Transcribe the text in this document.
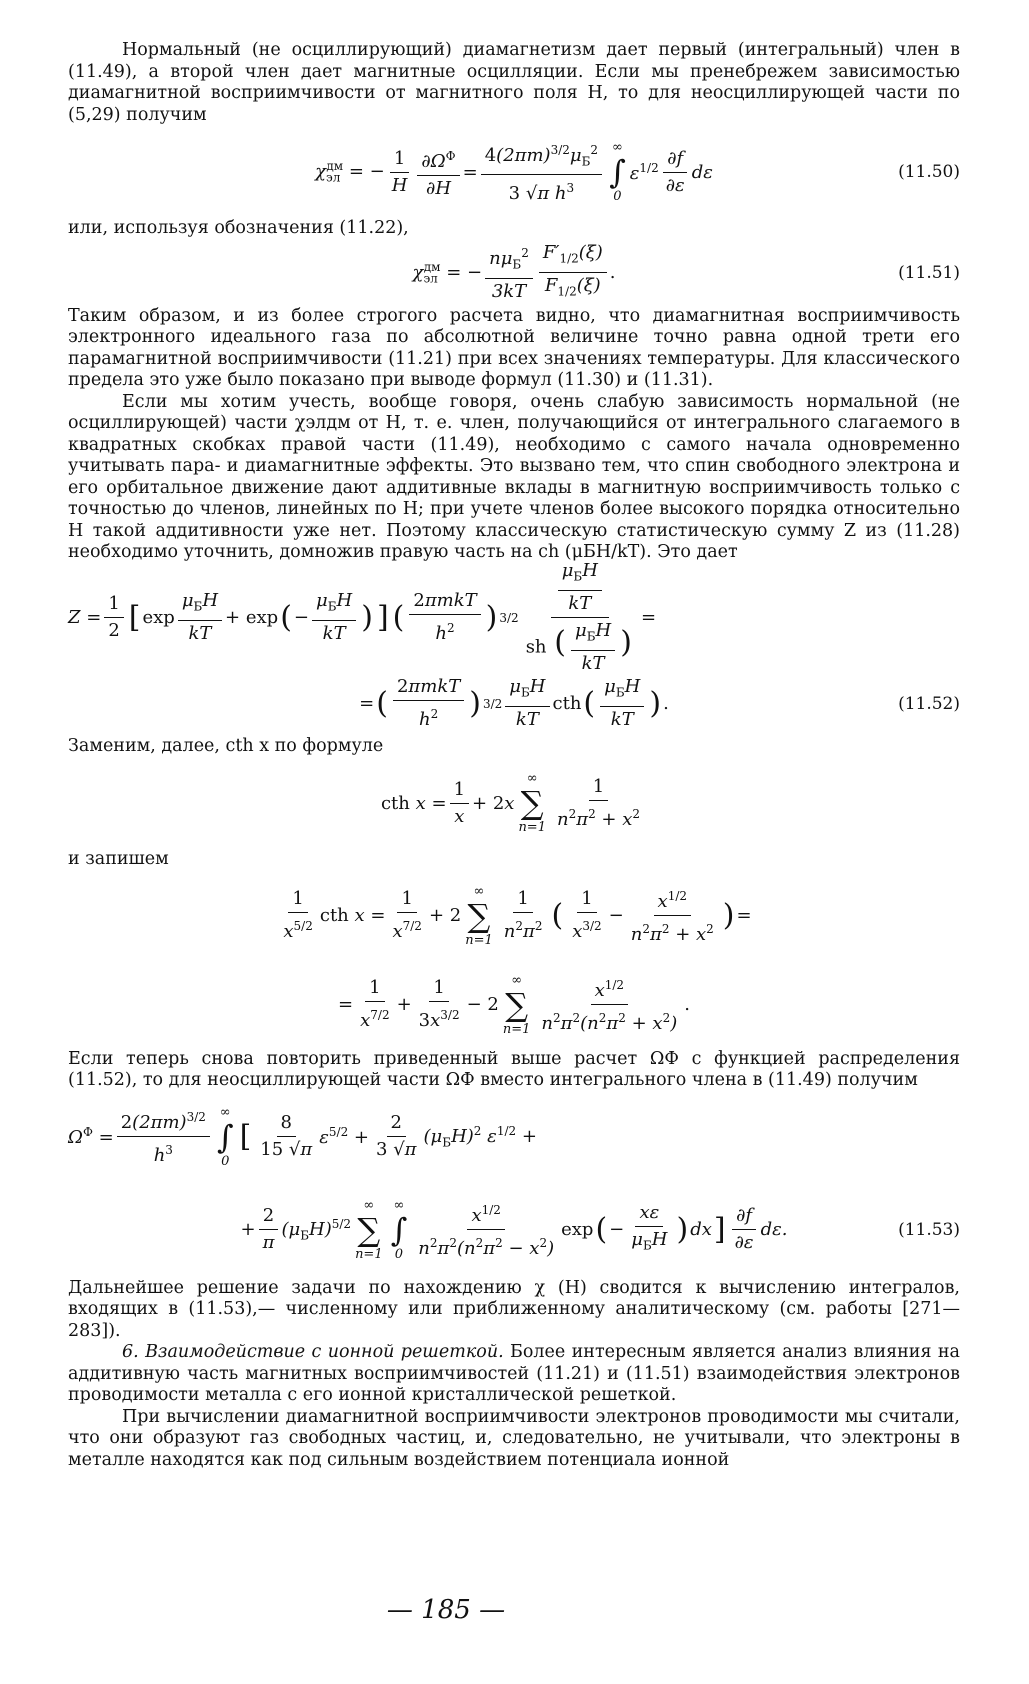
Нормальный (не осциллирующий) диамагнетизм дает первый (интегральный) член в (11.49), а второй член дает магнитные осцилляции. Если мы пренебрежем зависимостью диамагнитной восприимчивости от магнитного поля H, то для неосциллирующей части по (5,29) получим

$\chi_{эл}^{дм}$ = − $\frac{1}{H} \frac{\partial\Omega^Ф}{\partial H} = \frac{4(2\pi m)^{3/2}\mu_Б^2}{3 √\pi h^3}$ ∞
∫
0
$\varepsilon^{1/2} \frac{\partial f}{\partial\varepsilon}$ dε	(11.50)

или, используя обозначения (11.22),

$\chi_{эл}^{дм}$ = − $\frac{n\mu_Б^2}{3kT} \frac{F'_{1/2}(\xi)}{F_{1/2}(\xi)}$ .	(11.51)

Таким образом, и из более строгого расчета видно, что диамагнитная восприимчивость электронного идеального газа по абсолютной величине точно равна одной трети его парамагнитной восприимчивости (11.21) при всех значениях температуры. Для классического предела это уже было показано при выводе формул (11.30) и (11.31).

Если мы хотим учесть, вообще говоря, очень слабую зависимость нормальной (не осциллирующей) части χэлдм от H, т. е. член, получающийся от интегрального слагаемого в квадратных скобках правой части (11.49), необходимо с самого начала одновременно учитывать пара- и диамагнитные эффекты. Это вызвано тем, что спин свободного электрона и его орбитальное движение дают аддитивные вклады в магнитную восприимчивость только с точностью до членов, линейных по H; при учете членов более высокого порядка относительно H такой аддитивности уже нет. Поэтому классическую статистическую сумму Z из (11.28) необходимо уточнить, домножив правую часть на ch (μБH/kT). Это дает

$Z = \frac{1}{2}$ [ $\exp \frac{\mu_БH}{kT} + \exp$ ( − $\frac{\mu_БH}{kT}$ ) ] ( $\frac{\text{2πmkT}}{h^2}$ ) $3/2 \frac{\frac{\mu_БH}{kT}}{sh ( \frac{\mu_БH}{kT} )}$ =
= ( $\frac{\text{2πmkT}}{h^2}$ ) $3/2 \frac{\mu_БH}{kT}$ cth ( $\frac{\mu_БH}{kT}$ ) .	(11.52)

Заменим, далее, cth x по формуле

cth $x = \frac{1}{x} + 2x$
∞
∑
$n=1 \frac{1}{n^2\pi^2 + x^2}$

и запишем

$\frac{1}{x^{5/2}}$ cth $x = \frac{1}{x^{7/2}} + 2$
∞
∑
$n=1 \frac{1}{n^2\pi^2}$ ( $\frac{1}{x^{3/2}} - \frac{x^{1/2}}{n^2\pi^2 + x^2}$ ) =
= $\frac{1}{x^{7/2}} + \frac{1}{3x^{3/2}} - 2$
∞
∑
$n=1 \frac{x^{1/2}}{n^2\pi^2(n^2\pi^2 + x^2)}$ .

Если теперь снова повторить приведенный выше расчет ΩФ с функцией распределения (11.52), то для неосциллирующей части ΩФ вместо интегрального члена в (11.49) получим

$\Omega^Ф = \frac{2(2\pi m)^{3/2}}{h^3}$ ∞
∫
0
[ $\frac{8}{15 √\pi} \varepsilon^{5/2} + \frac{2}{3 √\pi} (\mu_БH)^2$ $\varepsilon^{1/2}$ +
+ $\frac{2}{\pi} (\mu_БH)^{5/2}$
∞
∑
n=1
∞
∫
$0 \frac{x^{1/2}}{n^2\pi^2(n^2\pi^2 - x^2)}$ exp ( − $\frac{x\varepsilon}{\mu_БH}$ ) dx ] $\frac{\partial f}{\partial\varepsilon} d\varepsilon$.	(11.53)

Дальнейшее решение задачи по нахождению χ (H) сводится к вычислению интегралов, входящих в (11.53),— численному или приближенному аналитическому (см. работы [271—283]).

6. Взаимодействие с ионной решеткой. Более интересным является анализ влияния на аддитивную часть магнитных восприимчивостей (11.21) и (11.51) взаимодействия электронов проводимости металла с его ионной кристаллической решеткой.

При вычислении диамагнитной восприимчивости электронов проводимости мы считали, что они образуют газ свободных частиц, и, следовательно, не учитывали, что электроны в металле находятся как под сильным воздействием потенциала ионной

— 185 —
